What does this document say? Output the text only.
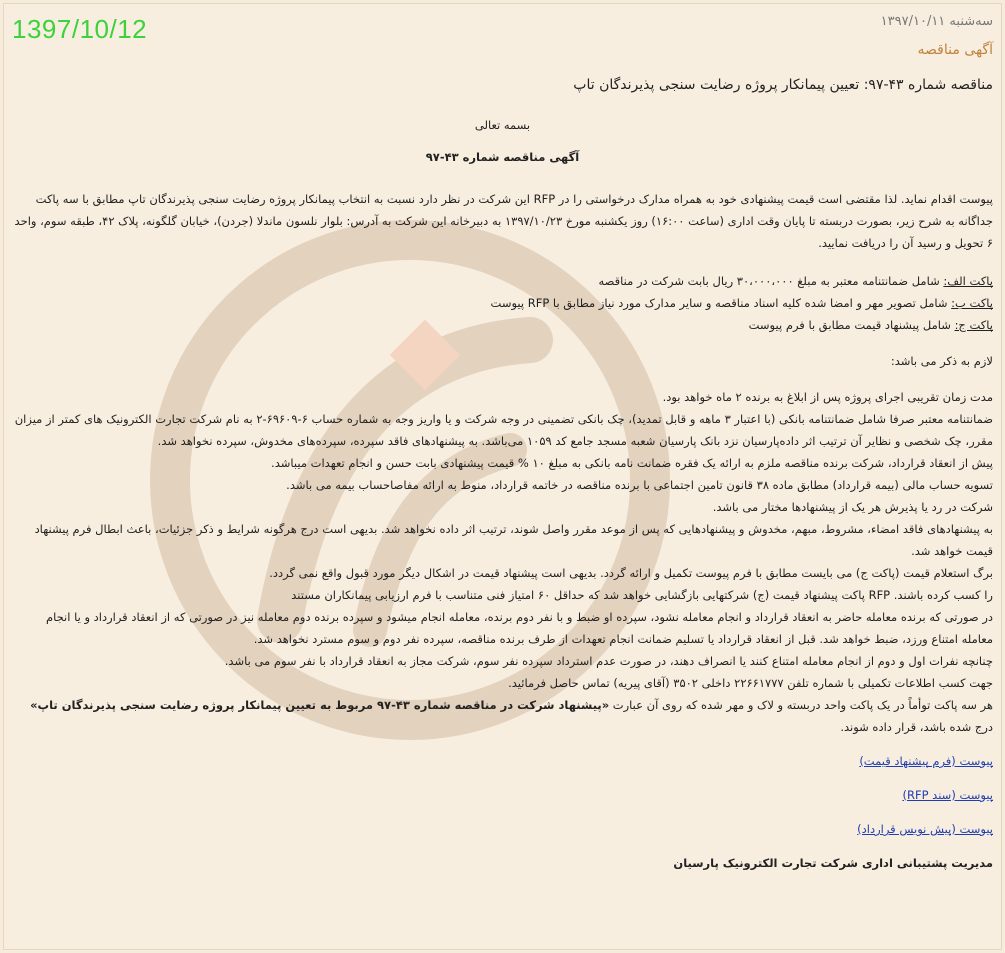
1397/10/12	سه‌شنبه ۱۳۹۷/۱۰/۱۱
آگهی مناقصه
مناقصه شماره ۴۳-۹۷: تعیین پیمانکار پروژه رضایت سنجی پذیرندگان تاپ
بسمه تعالی
آگهی مناقصه شماره ۴۳-۹۷

پیوست اقدام نماید. لذا مقتضی است قیمت پیشنهادی خود به همراه مدارک درخواستی را در RFP این شرکت در نظر دارد نسبت به انتخاب پیمانکار پروژه رضایت سنجی پذیرندگان تاپ مطابق با سه پاکت جداگانه به شرح زیر، بصورت دربسته تا پایان وقت اداری (ساعت ۱۶:۰۰) روز یکشنبه مورخ ۱۳۹۷/۱۰/۲۳ به دبیرخانه این شرکت به آدرس: بلوار نلسون ماندلا (جردن)، خیابان گلگونه، پلاک ۴۲، طبقه سوم، واحد ۶ تحویل و رسید آن را دریافت نمایید.

پاکت الف: شامل ضمانتنامه معتبر به مبلغ ۳۰،۰۰۰،۰۰۰ ریال بابت شرکت در مناقصه
پاکت ب: شامل تصویر مهر و امضا شده کلیه اسناد مناقصه و سایر مدارک مورد نیاز مطابق با RFP پیوست
پاکت ج: شامل پیشنهاد قیمت مطابق با فرم پیوست
لازم به ذکر می باشد:

مدت زمان تقریبی اجرای پروژه پس از ابلاغ به برنده ۲ ماه خواهد بود.

ضمانتنامه معتبر صرفا شامل ضمانتنامه بانکی (با اعتبار ۳ ماهه و قابل تمدید)، چک بانکی تضمینی در وجه شرکت و یا واریز وجه به شماره حساب ۶-۶۹۶۰۹-۲ به نام شرکت تجارت الکترونیک های کمتر از میزان مقرر، چک شخصی و نظایر آن ترتیب اثر داده‌پارسیان نزد بانک پارسیان شعبه مسجد جامع کد ۱۰۵۹ می‌باشد. به پیشنهادهای فاقد سپرده، سپرده‌های مخدوش، سپرده نخواهد شد.

پیش از انعقاد قرارداد، شرکت برنده مناقصه ملزم به ارائه یک فقره ضمانت نامه بانکی به مبلغ ۱۰ % قیمت پیشنهادی بابت حسن و انجام تعهدات میباشد.

تسویه حساب مالی (بیمه قرارداد) مطابق ماده ۳۸ قانون تامین اجتماعی با برنده مناقصه در خاتمه قرارداد، منوط به ارائه مفاصاحساب بیمه می باشد.

شرکت در رد یا پذیرش هر یک از پیشنهادها مختار می باشد.

به پیشنهادهای فاقد امضاء، مشروط، مبهم، مخدوش و پیشنهادهایی که پس از موعد مقرر واصل شوند، ترتیب اثر داده نخواهد شد. بدیهی است درج هرگونه شرایط و ذکر جزئیات، باعث ابطال فرم پیشنهاد قیمت خواهد شد.

برگ استعلام قیمت (پاکت ج) می بایست مطابق با فرم پیوست تکمیل و ارائه گردد. بدیهی است پیشنهاد قیمت در اشکال دیگر مورد قبول واقع نمی گردد.

را کسب کرده باشند. RFP پاکت پیشنهاد قیمت (ج) شرکتهایی بازگشایی خواهد شد که حداقل ۶۰ امتیاز فنی متناسب با فرم ارزیابی پیمانکاران مستند

در صورتی که برنده معامله حاضر به انعقاد قرارداد و انجام معامله نشود، سپرده او ضبط و با نفر دوم برنده، معامله انجام میشود و سپرده برنده دوم معامله نیز در صورتی که از انعقاد قرارداد و یا انجام معامله امتناع ورزد، ضبط خواهد شد. قبل از انعقاد قرارداد یا تسلیم ضمانت انجام تعهدات از طرف برنده مناقصه، سپرده نفر دوم و سوم مسترد نخواهد شد.

چنانچه نفرات اول و دوم از انجام معامله امتناع کنند یا انصراف دهند، در صورت عدم استرداد سپرده نفر سوم، شرکت مجاز به انعقاد قرارداد با نفر سوم می باشد.

جهت کسب اطلاعات تکمیلی با شماره تلفن ۲۲۶۶۱۷۷۷ داخلی ۳۵۰۲ (آقای پیریه) تماس حاصل فرمائید.

هر سه پاکت توأماً در یک پاکت واحد دربسته و لاک و مهر شده که روی آن عبارت «پیشنهاد شرکت در مناقصه شماره ۴۳-۹۷ مربوط به تعیین پیمانکار پروژه رضایت سنجی پذیرندگان تاپ» درج شده باشد، قرار داده شوند.

پیوست (فرم پیشنهاد قیمت)
پیوست (سند RFP)
پیوست (پیش نویس قرارداد)
مدیریت پشتیبانی اداری شرکت تجارت الکترونیک پارسیان
